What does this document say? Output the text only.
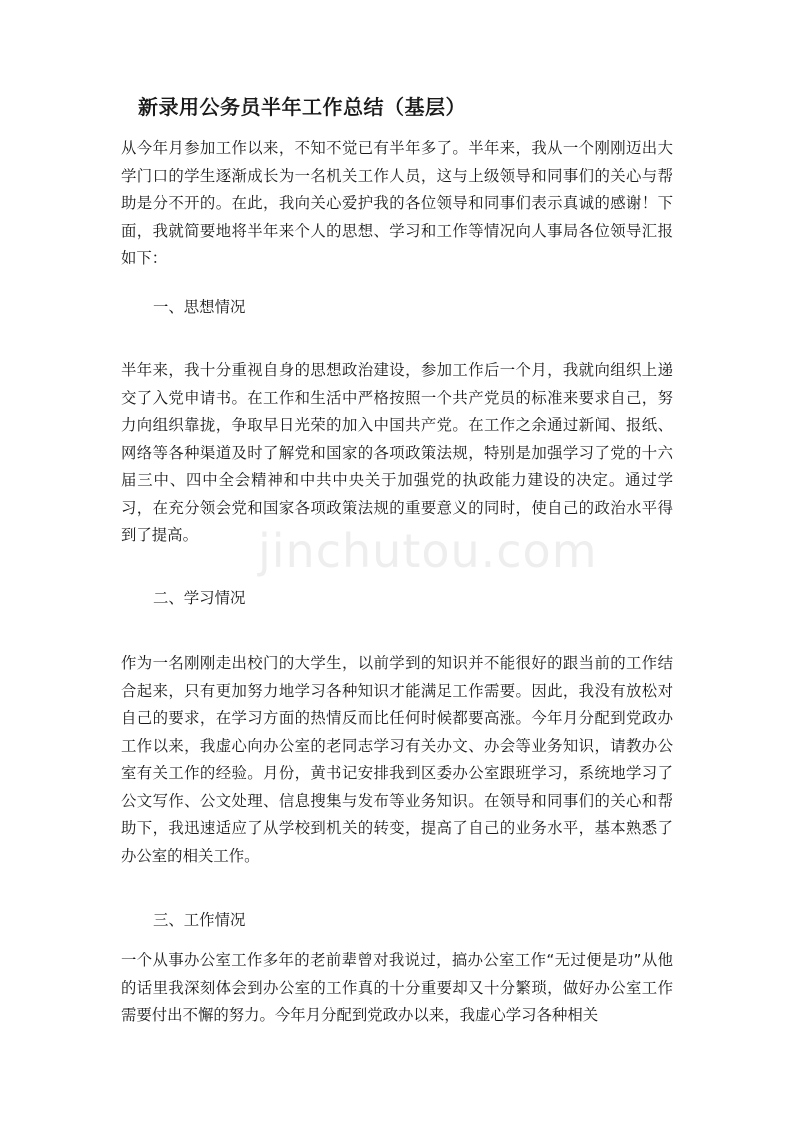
新录用公务员半年工作总结（基层）
从今年月参加工作以来，不知不觉已有半年多了。半年来，我从一个刚刚迈出大学门口的学生逐渐成长为一名机关工作人员，这与上级领导和同事们的关心与帮助是分不开的。在此，我向关心爱护我的各位领导和同事们表示真诚的感谢！下面，我就简要地将半年来个人的思想、学习和工作等情况向人事局各位领导汇报如下：
一、思想情况
半年来，我十分重视自身的思想政治建设，参加工作后一个月，我就向组织上递交了入党申请书。在工作和生活中严格按照一个共产党员的标准来要求自己，努力向组织靠拢，争取早日光荣的加入中国共产党。在工作之余通过新闻、报纸、网络等各种渠道及时了解党和国家的各项政策法规，特别是加强学习了党的十六届三中、四中全会精神和中共中央关于加强党的执政能力建设的决定。通过学习，在充分领会党和国家各项政策法规的重要意义的同时，使自己的政治水平得到了提高。
二、学习情况
作为一名刚刚走出校门的大学生，以前学到的知识并不能很好的跟当前的工作结合起来，只有更加努力地学习各种知识才能满足工作需要。因此，我没有放松对自己的要求，在学习方面的热情反而比任何时候都要高涨。今年月分配到党政办工作以来，我虚心向办公室的老同志学习有关办文、办会等业务知识，请教办公室有关工作的经验。月份，黄书记安排我到区委办公室跟班学习，系统地学习了公文写作、公文处理、信息搜集与发布等业务知识。在领导和同事们的关心和帮助下，我迅速适应了从学校到机关的转变，提高了自己的业务水平，基本熟悉了办公室的相关工作。
三、工作情况
一个从事办公室工作多年的老前辈曾对我说过，搞办公室工作“无过便是功”从他的话里我深刻体会到办公室的工作真的十分重要却又十分繁琐，做好办公室工作需要付出不懈的努力。今年月分配到党政办以来，我虚心学习各种相关
jinchutou.com
